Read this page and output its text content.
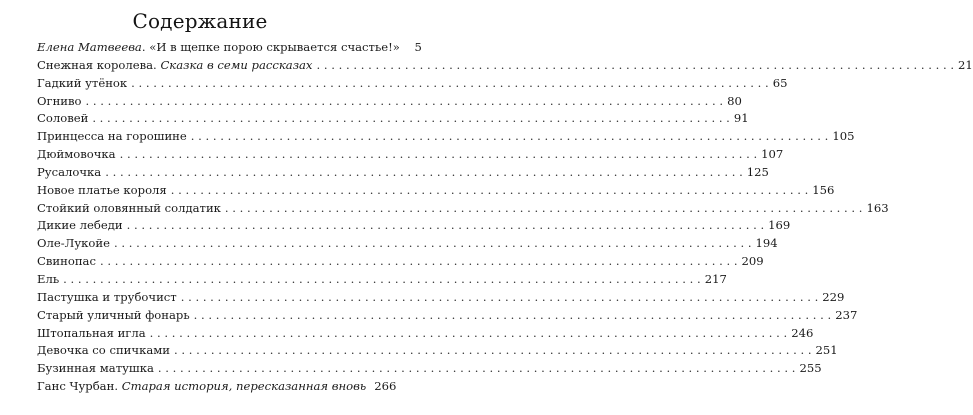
Содержание
Елена Матвеева. «И в щепке порою скрывается счастье!»	5
Снежная королева. Сказка в семи рассказах . . .	21
Гадкий утёнок . . .	65
Огниво . . .	80
Соловей . . .	91
Принцесса на горошине . . .	105
Дюймовочка . . .	107
Русалочка . . .	125
Новое платье короля . . .	156
Стойкий оловянный солдатик . . .	163
Дикие лебеди . . .	169
Оле-Лукойе . . .	194
Свинопас . . .	209
Ель . . .	217
Пастушка и трубочист . . .	229
Старый уличный фонарь . . .	237
Штопальная игла . . .	246
Девочка со спичками . . .	251
Бузинная матушка . . .	255
Ганс Чурбан. Старая история, пересказанная вновь 266
